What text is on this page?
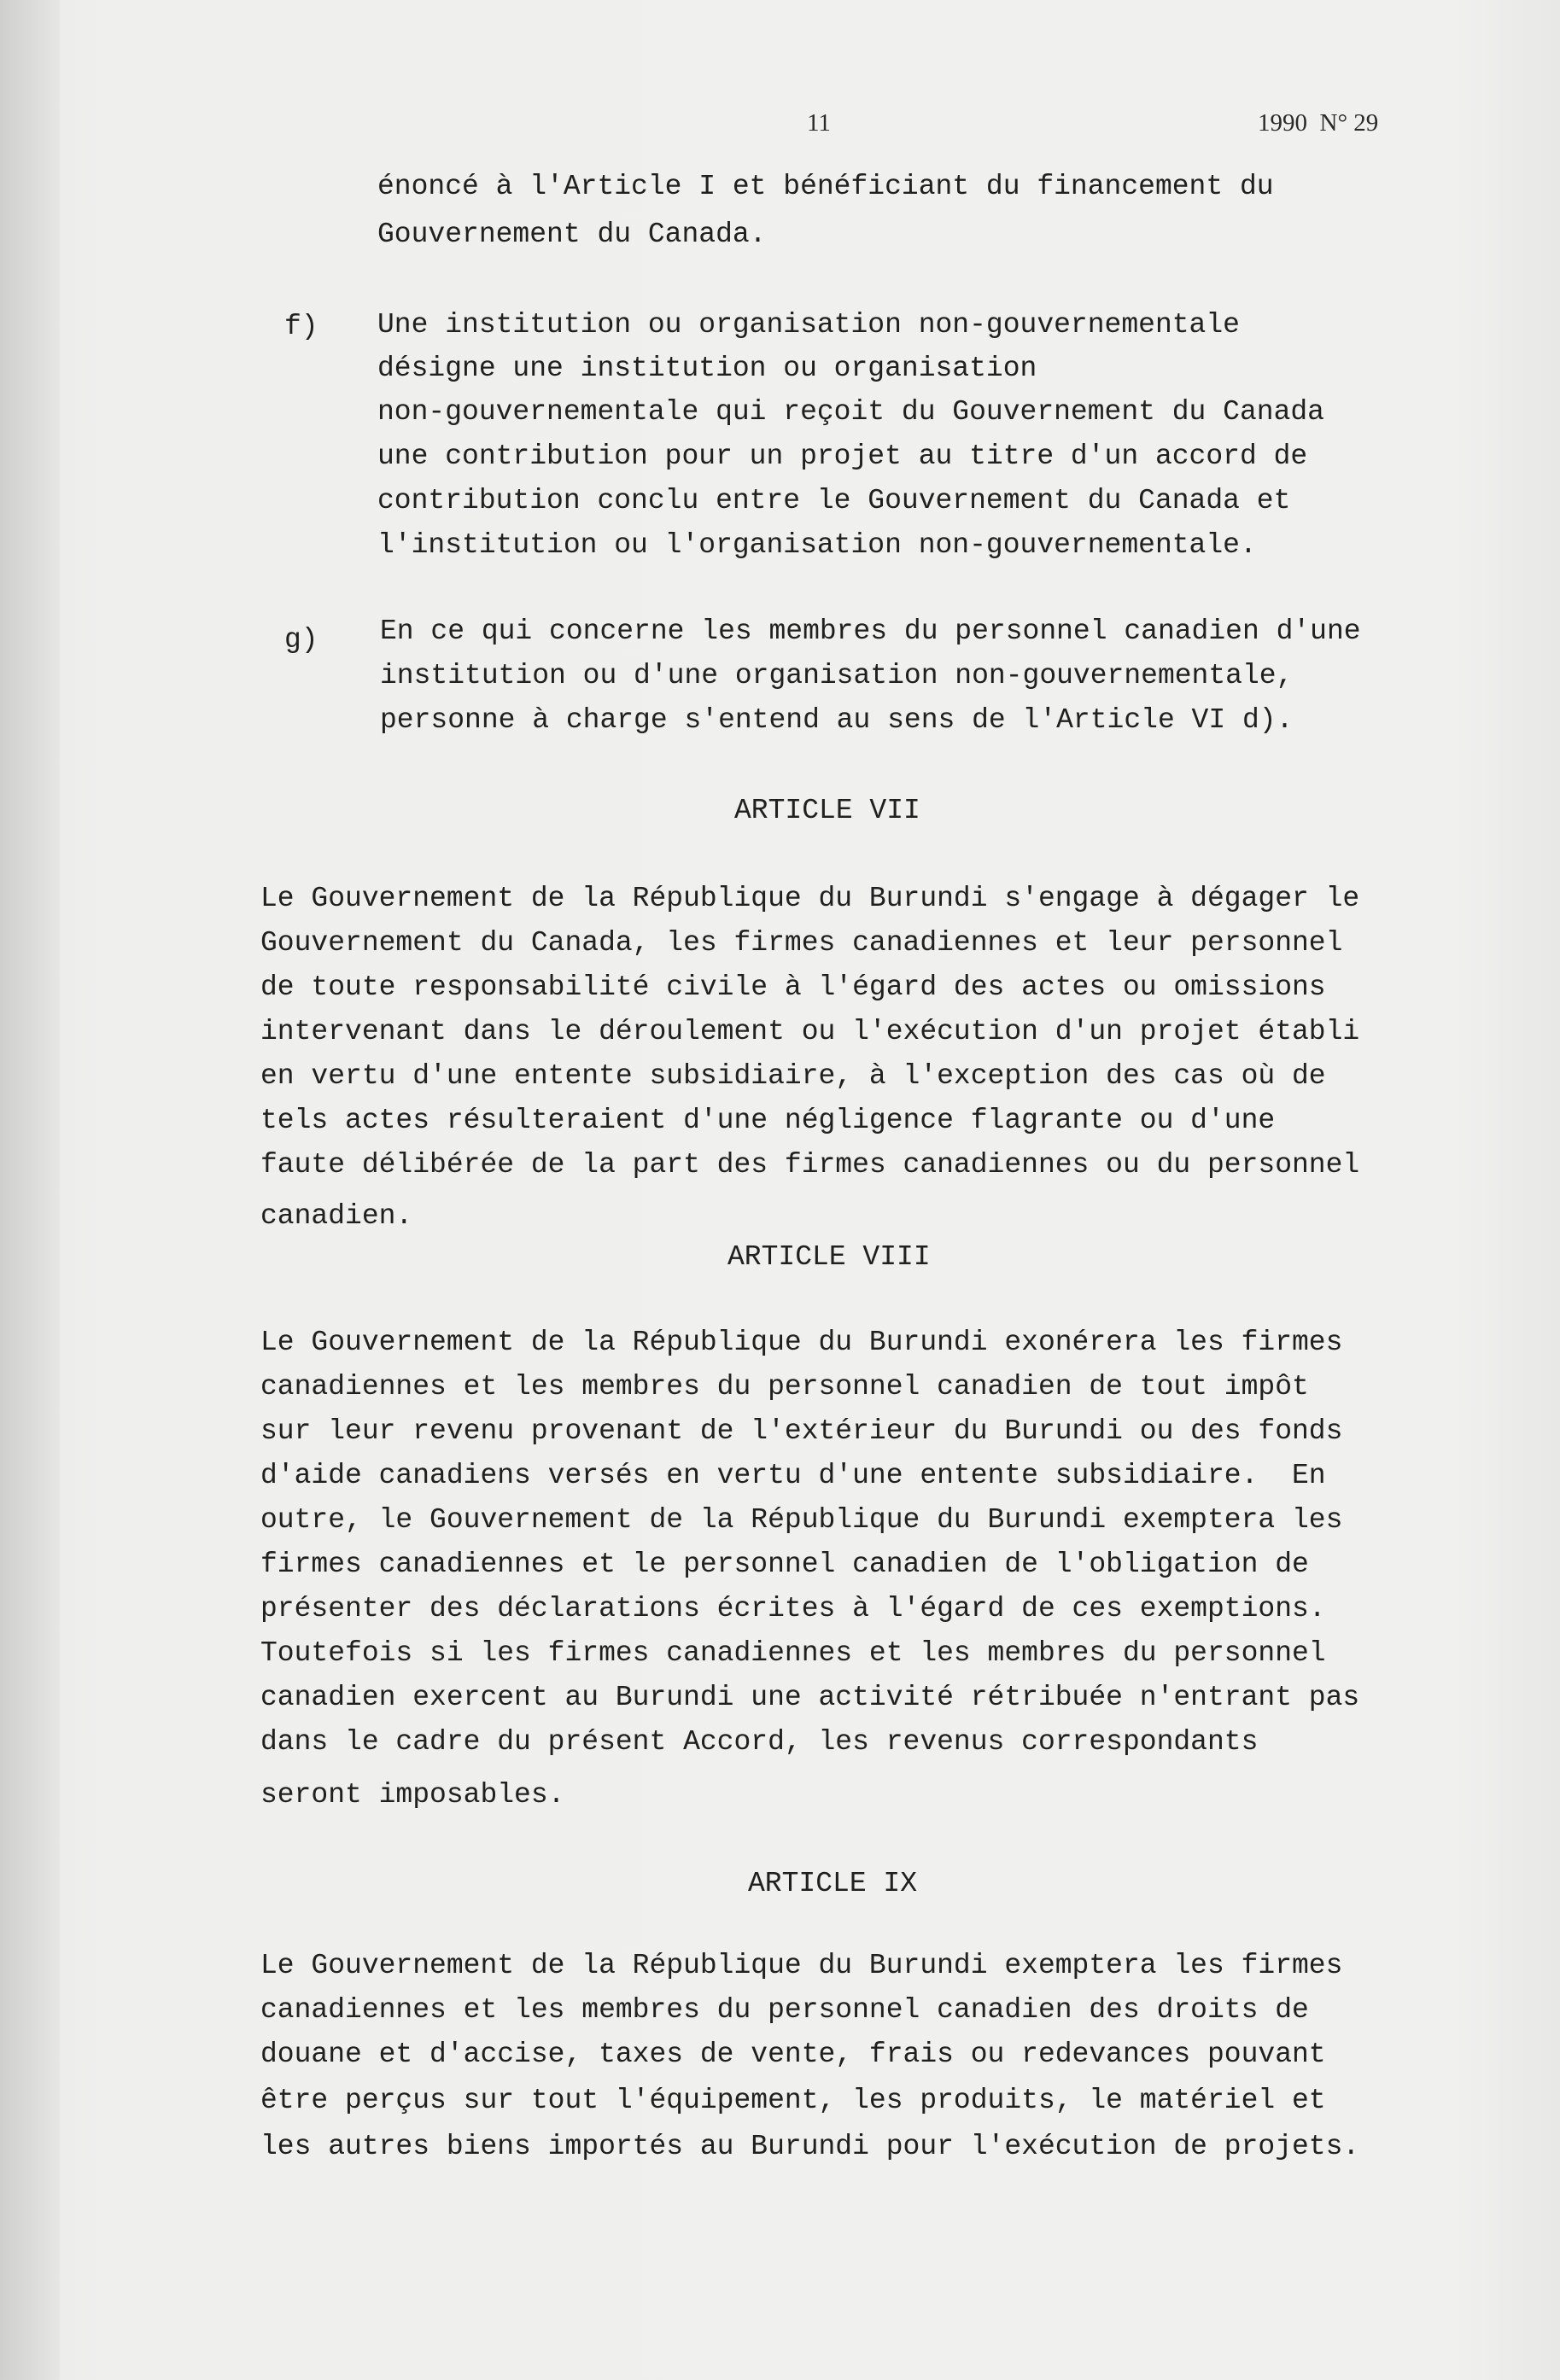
11	1990  N° 29
énoncé à l'Article I et bénéficiant du financement du
Gouvernement du Canada.
f) Une institution ou organisation non-gouvernementale
désigne une institution ou organisation
non-gouvernementale qui reçoit du Gouvernement du Canada
une contribution pour un projet au titre d'un accord de
contribution conclu entre le Gouvernement du Canada et
l'institution ou l'organisation non-gouvernementale.
g) En ce qui concerne les membres du personnel canadien d'une
institution ou d'une organisation non-gouvernementale,
personne à charge s'entend au sens de l'Article VI d).
ARTICLE VII
Le Gouvernement de la République du Burundi s'engage à dégager le
Gouvernement du Canada, les firmes canadiennes et leur personnel
de toute responsabilité civile à l'égard des actes ou omissions
intervenant dans le déroulement ou l'exécution d'un projet établi
en vertu d'une entente subsidiaire, à l'exception des cas où de
tels actes résulteraient d'une négligence flagrante ou d'une
faute délibérée de la part des firmes canadiennes ou du personnel
canadien.
ARTICLE VIII
Le Gouvernement de la République du Burundi exonérera les firmes
canadiennes et les membres du personnel canadien de tout impôt
sur leur revenu provenant de l'extérieur du Burundi ou des fonds
d'aide canadiens versés en vertu d'une entente subsidiaire.  En
outre, le Gouvernement de la République du Burundi exemptera les
firmes canadiennes et le personnel canadien de l'obligation de
présenter des déclarations écrites à l'égard de ces exemptions.
Toutefois si les firmes canadiennes et les membres du personnel
canadien exercent au Burundi une activité rétribuée n'entrant pas
dans le cadre du présent Accord, les revenus correspondants
seront imposables.
ARTICLE IX
Le Gouvernement de la République du Burundi exemptera les firmes
canadiennes et les membres du personnel canadien des droits de
douane et d'accise, taxes de vente, frais ou redevances pouvant
être perçus sur tout l'équipement, les produits, le matériel et
les autres biens importés au Burundi pour l'exécution de projets.
